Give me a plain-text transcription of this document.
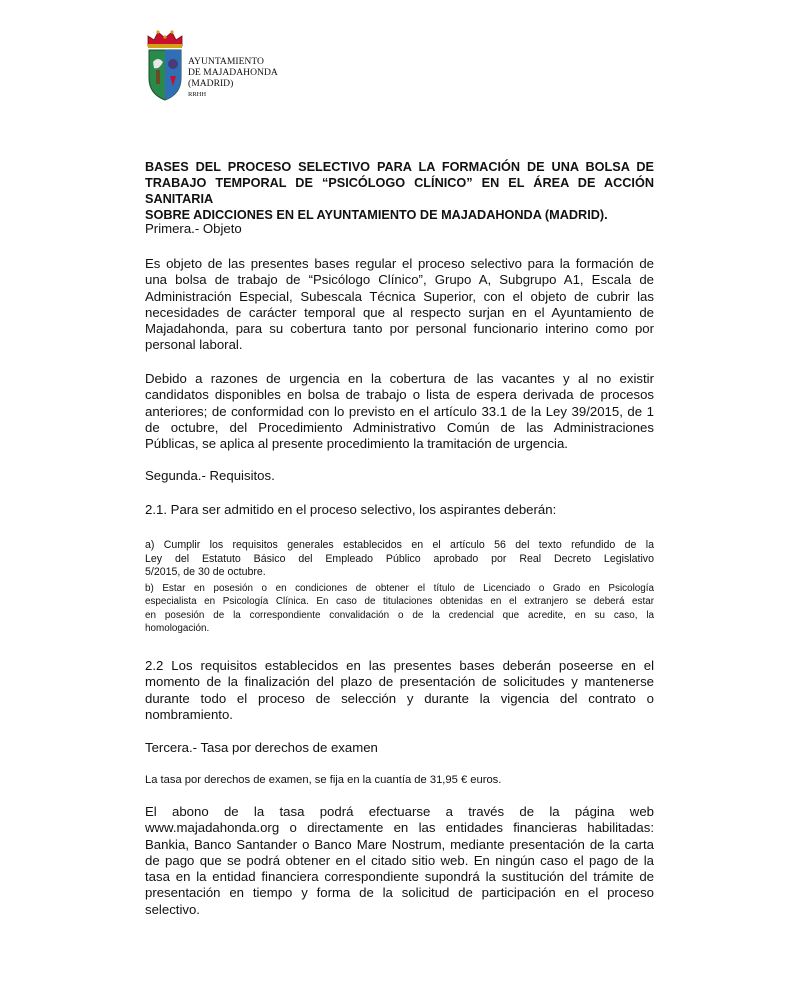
AYUNTAMIENTO
DE MAJADAHONDA
(MADRID)
RRHH
BASES DEL PROCESO SELECTIVO PARA LA FORMACIÓN DE UNA BOLSA DE
TRABAJO TEMPORAL DE “PSICÓLOGO CLÍNICO” EN EL ÁREA DE ACCIÓN SANITARIA
SOBRE ADICCIONES EN EL AYUNTAMIENTO DE MAJADAHONDA (MADRID).
Primera.- Objeto
Es objeto de las presentes bases regular el proceso selectivo para la formación de
una bolsa de trabajo de “Psicólogo Clínico”, Grupo A, Subgrupo A1, Escala de
Administración Especial, Subescala Técnica Superior, con el objeto de cubrir las
necesidades de carácter temporal que al respecto surjan en el Ayuntamiento de
Majadahonda, para su cobertura tanto por personal funcionario interino como por
personal laboral.
Debido a razones de urgencia en la cobertura de las vacantes y al no existir
candidatos disponibles en bolsa de trabajo o lista de espera derivada de procesos
anteriores; de conformidad con lo previsto en el artículo 33.1 de la Ley 39/2015, de 1
de octubre, del Procedimiento Administrativo Común de las Administraciones
Públicas, se aplica al presente procedimiento la tramitación de urgencia.
Segunda.- Requisitos.
2.1. Para ser admitido en el proceso selectivo, los aspirantes deberán:
a) Cumplir los requisitos generales establecidos en el artículo 56 del texto refundido de la
Ley del Estatuto Básico del Empleado Público aprobado por Real Decreto Legislativo
5/2015, de 30 de octubre.
b) Estar en posesión o en condiciones de obtener el título de Licenciado o Grado en Psicología
especialista en Psicología Clínica. En caso de titulaciones obtenidas en el extranjero se deberá estar
en posesión de la correspondiente convalidación o de la credencial que acredite, en su caso, la
homologación.
2.2 Los requisitos establecidos en las presentes bases deberán poseerse en el
momento de la finalización del plazo de presentación de solicitudes y mantenerse
durante todo el proceso de selección y durante la vigencia del contrato o
nombramiento.
Tercera.- Tasa por derechos de examen
La tasa por derechos de examen, se fija en la cuantía de 31,95 € euros.
El abono de la tasa podrá efectuarse a través de la página web
www.majadahonda.org o directamente en las entidades financieras habilitadas:
Bankia, Banco Santander o Banco Mare Nostrum, mediante presentación de la carta
de pago que se podrá obtener en el citado sitio web. En ningún caso el pago de la
tasa en la entidad financiera correspondiente supondrá la sustitución del trámite de
presentación en tiempo y forma de la solicitud de participación en el proceso
selectivo.
